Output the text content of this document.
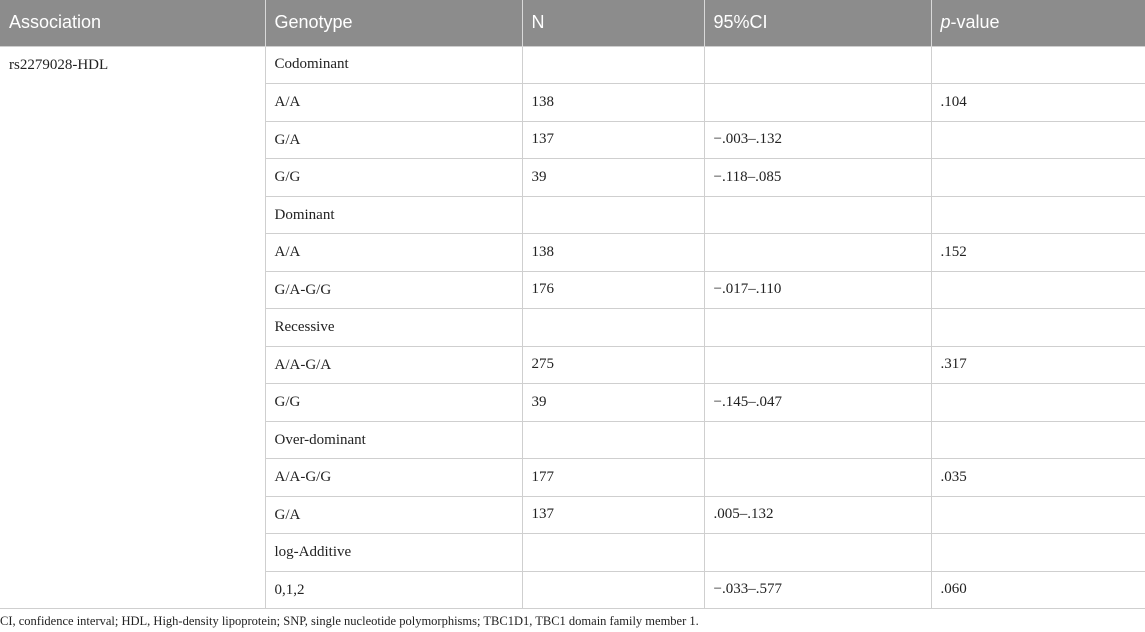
Association	Genotype	N	95%CI	p-value
rs2279028-HDL	Codominant			
	A/A	138		.104
	G/A	137	−.003–.132	
	G/G	39	−.118–.085	
	Dominant			
	A/A	138		.152
	G/A-G/G	176	−.017–.110	
	Recessive			
	A/A-G/A	275		.317
	G/G	39	−.145–.047	
	Over-dominant			
	A/A-G/G	177		.035
	G/A	137	.005–.132	
	log-Additive			
	0,1,2		−.033–.577	.060
CI, confidence interval; HDL, High-density lipoprotein; SNP, single nucleotide polymorphisms; TBC1D1, TBC1 domain family member 1.
